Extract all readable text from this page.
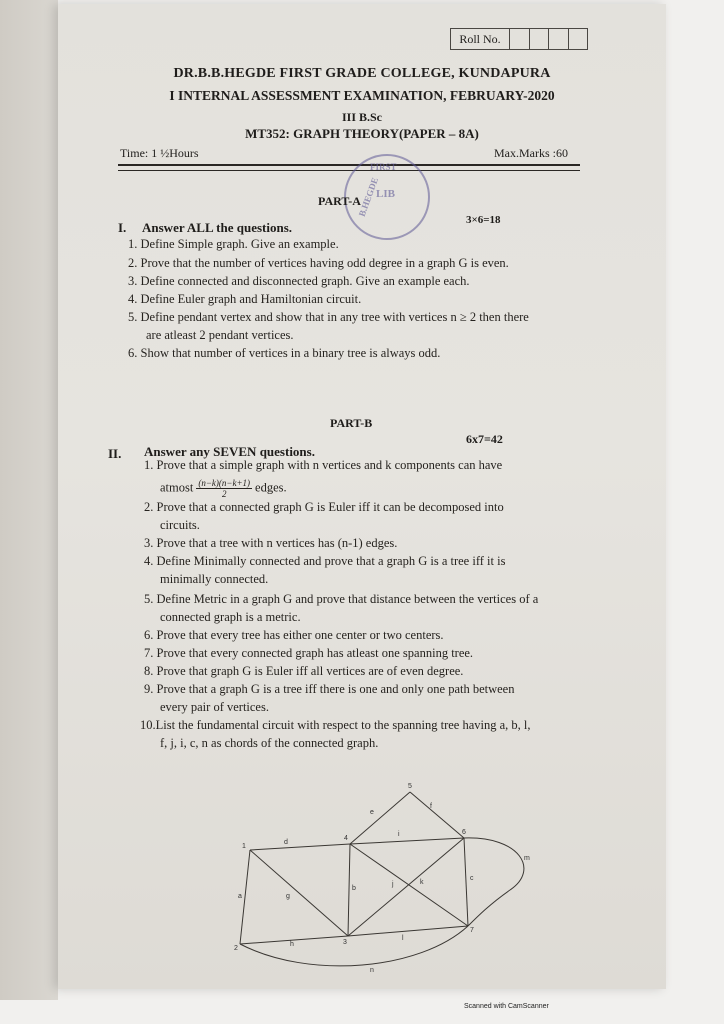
Roll No.
DR.B.B.HEGDE FIRST GRADE COLLEGE, KUNDAPURA
I INTERNAL ASSESSMENT EXAMINATION, FEBRUARY-2020
III B.Sc
MT352: GRAPH THEORY(PAPER – 8A)
Time: 1 ½Hours	Max.Marks :60
FIRST
B.HEGDE
LIB
PART-A
I. Answer ALL the questions.	3×6=18
1. Define Simple graph. Give an example.
2. Prove that the number of vertices having odd degree in a graph G is even.
3. Define connected and disconnected graph. Give an example each.
4. Define Euler graph and Hamiltonian circuit.
5. Define pendant vertex and show that in any tree with vertices n ≥ 2 then there
are atleast 2 pendant vertices.
6. Show that number of vertices in a binary tree is always odd.
PART-B
II. Answer any SEVEN questions.
6x7=42
1. Prove that a simple graph with n vertices and k components can have
atmost $\frac{(n-k)(n-k+1)}{2}$ edges.
2. Prove that a connected graph G is Euler iff it can be decomposed into
circuits.
3. Prove that a tree with n vertices has (n-1) edges.
4. Define Minimally connected and prove that a graph G is a tree iff it is
minimally connected.
5. Define Metric in a graph G and prove that distance between the vertices of a
connected graph is a metric.
6. Prove that every tree has either one center or two centers.
7. Prove that every connected graph has atleast one spanning tree.
8. Prove that graph G is Euler iff all vertices are of even degree.
9. Prove that a graph G is a tree iff there is one and only one path between
every pair of vertices.
10.List the fundamental circuit with respect to the spanning tree having a, b, l,
f, j, i, c, n as chords of the connected graph.
1
2
3
4
5
6
7
a
b
c
d
e
f
g
h
i
j	k
l
m
n
Scanned with CamScanner
